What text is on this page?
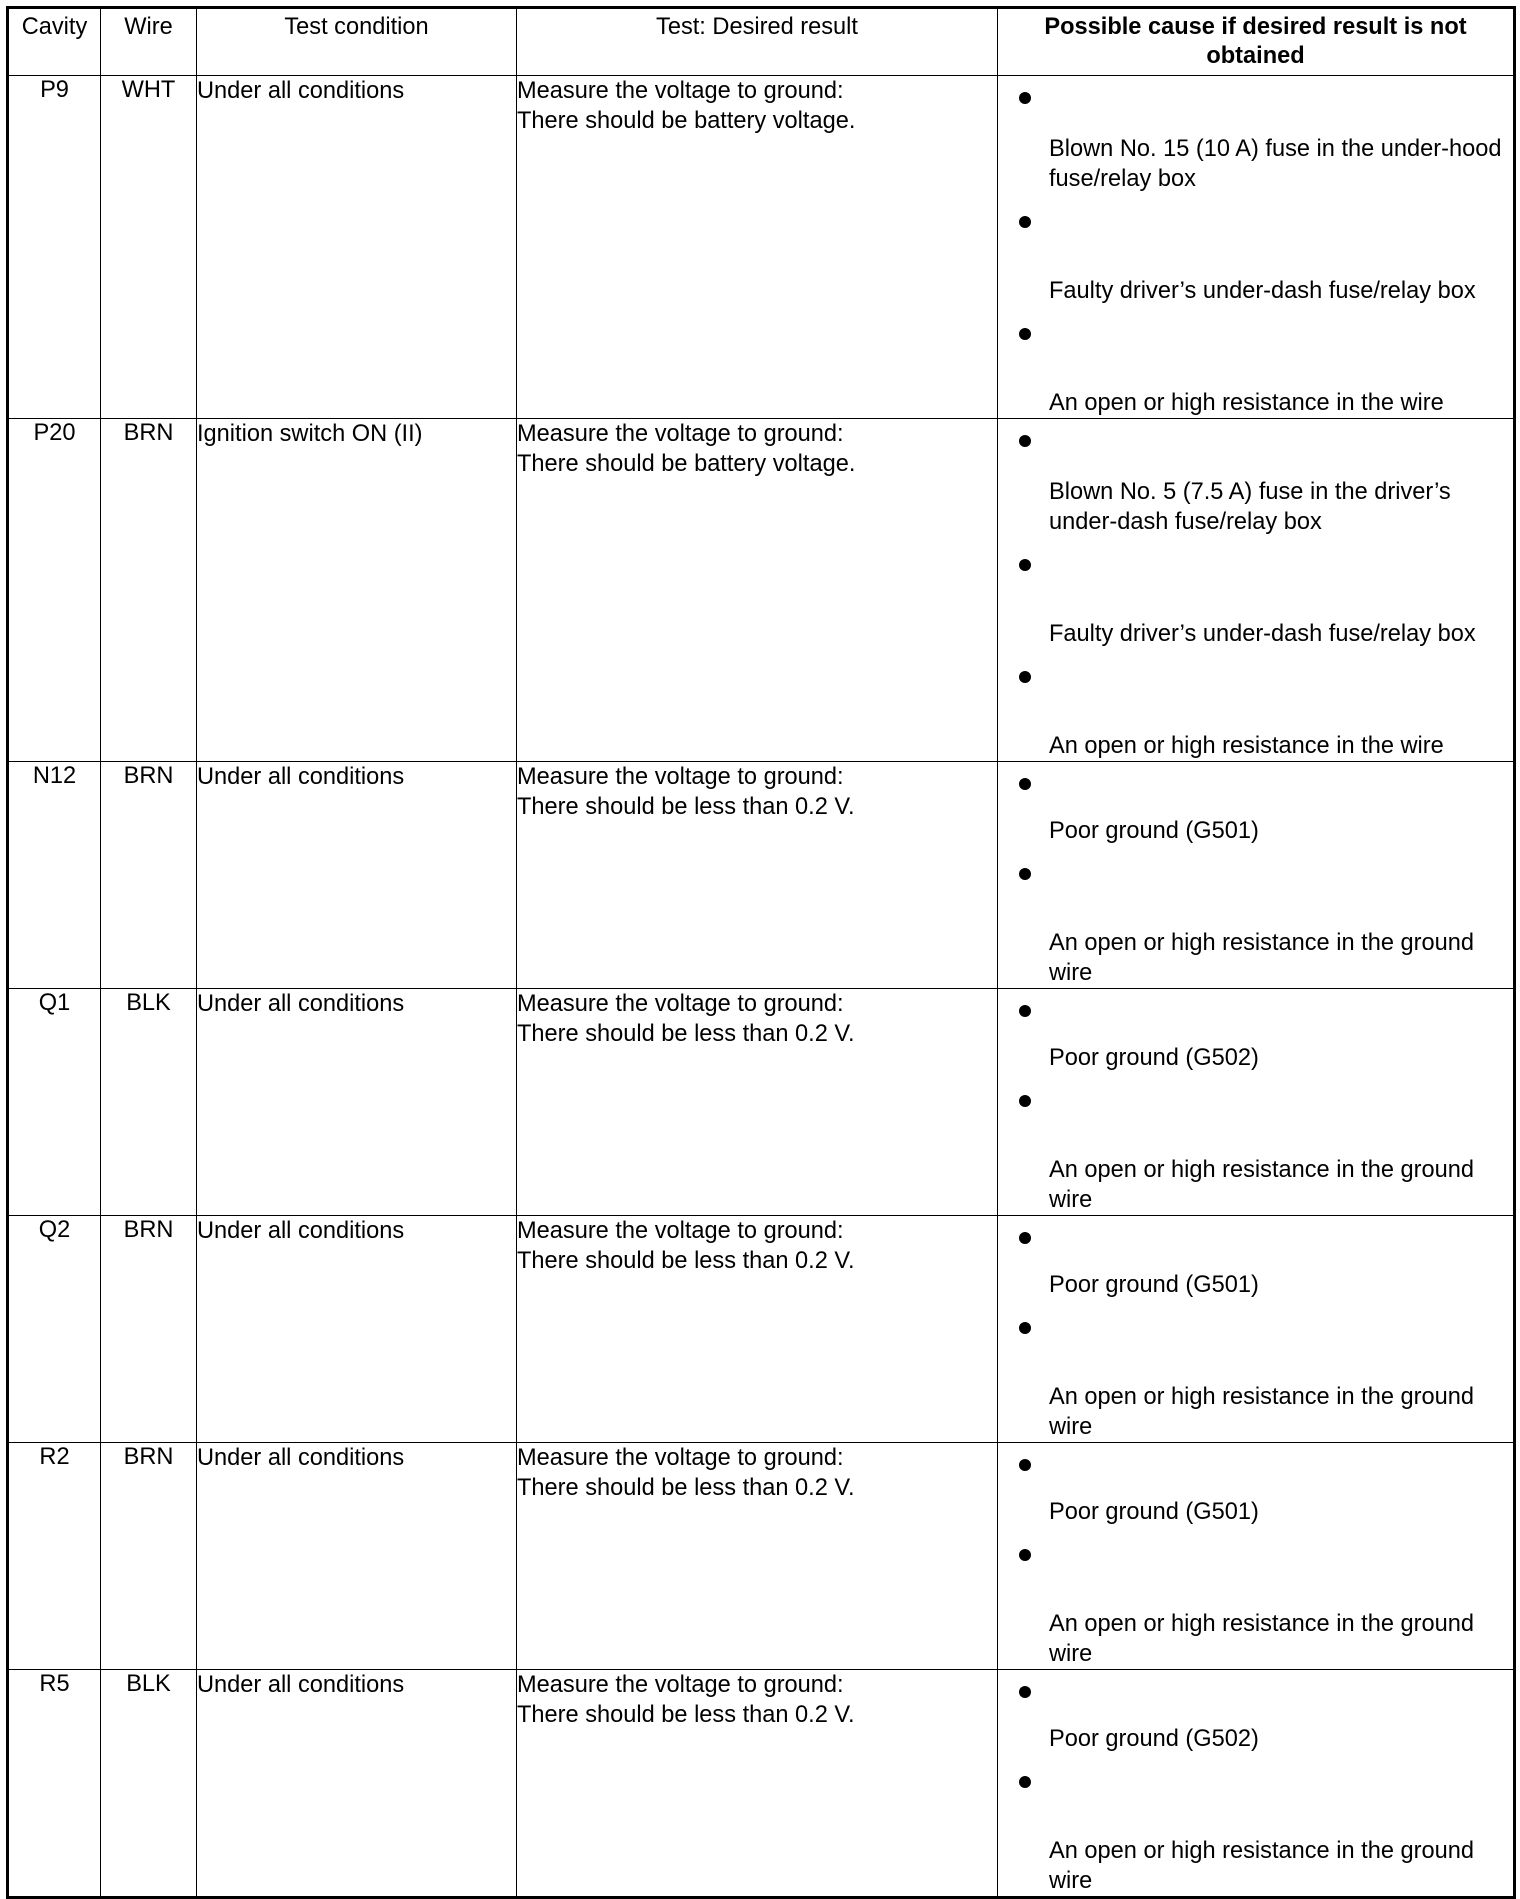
Cavity	Wire	Test condition	Test: Desired result	Possible cause if desired result is not obtained
P9	WHT	Under all conditions	Measure the voltage to ground:
There should be battery voltage.	Blown No. 15 (10 A) fuse in the under-hood fuse/relay box
Faulty driver’s under-dash fuse/relay box
An open or high resistance in the wire

P20	BRN	Ignition switch ON (II)	Measure the voltage to ground:
There should be battery voltage.	Blown No. 5 (7.5 A) fuse in the driver’s under-dash fuse/relay box
Faulty driver’s under-dash fuse/relay box
An open or high resistance in the wire

N12	BRN	Under all conditions	Measure the voltage to ground:
There should be less than 0.2 V.	Poor ground (G501)
An open or high resistance in the ground wire

Q1	BLK	Under all conditions	Measure the voltage to ground:
There should be less than 0.2 V.	Poor ground (G502)
An open or high resistance in the ground wire

Q2	BRN	Under all conditions	Measure the voltage to ground:
There should be less than 0.2 V.	Poor ground (G501)
An open or high resistance in the ground wire

R2	BRN	Under all conditions	Measure the voltage to ground:
There should be less than 0.2 V.	Poor ground (G501)
An open or high resistance in the ground wire

R5	BLK	Under all conditions	Measure the voltage to ground:
There should be less than 0.2 V.	Poor ground (G502)
An open or high resistance in the ground wire
